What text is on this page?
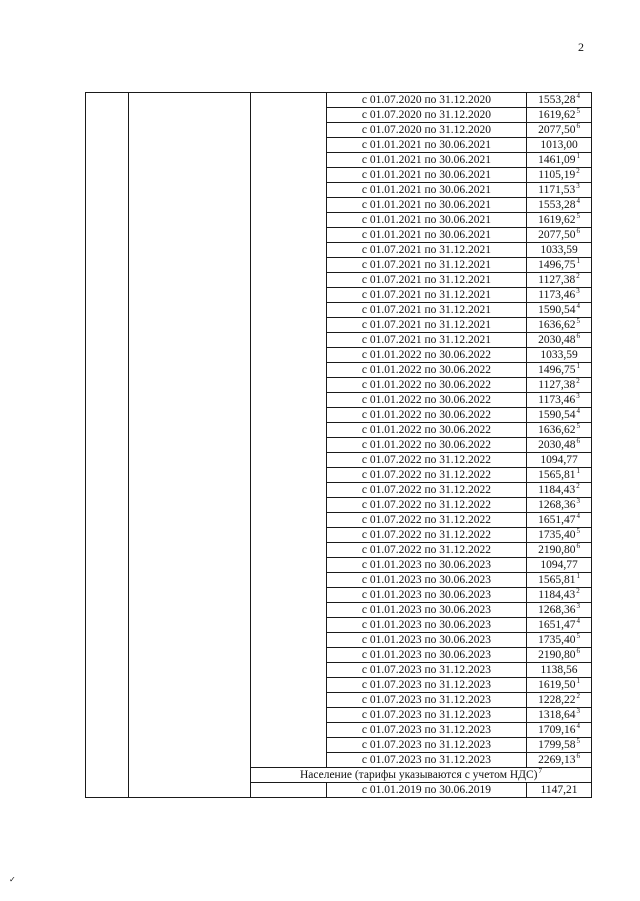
2
			с 01.07.2020 по 31.12.2020	1553,28$^4$
			с 01.07.2020 по 31.12.2020	1619,62$^5$
			с 01.07.2020 по 31.12.2020	2077,50$^6$
			с 01.01.2021 по 30.06.2021	1013,00
			с 01.01.2021 по 30.06.2021	1461,09$^1$
			с 01.01.2021 по 30.06.2021	1105,19$^2$
			с 01.01.2021 по 30.06.2021	1171,53$^3$
			с 01.01.2021 по 30.06.2021	1553,28$^4$
			с 01.01.2021 по 30.06.2021	1619,62$^5$
			с 01.01.2021 по 30.06.2021	2077,50$^6$
			с 01.07.2021 по 31.12.2021	1033,59
			с 01.07.2021 по 31.12.2021	1496,75$^1$
			с 01.07.2021 по 31.12.2021	1127,38$^2$
			с 01.07.2021 по 31.12.2021	1173,46$^3$
			с 01.07.2021 по 31.12.2021	1590,54$^4$
			с 01.07.2021 по 31.12.2021	1636,62$^5$
			с 01.07.2021 по 31.12.2021	2030,48$^6$
			с 01.01.2022 по 30.06.2022	1033,59
			с 01.01.2022 по 30.06.2022	1496,75$^1$
			с 01.01.2022 по 30.06.2022	1127,38$^2$
			с 01.01.2022 по 30.06.2022	1173,46$^3$
			с 01.01.2022 по 30.06.2022	1590,54$^4$
			с 01.01.2022 по 30.06.2022	1636,62$^5$
			с 01.01.2022 по 30.06.2022	2030,48$^6$
			с 01.07.2022 по 31.12.2022	1094,77
			с 01.07.2022 по 31.12.2022	1565,81$^1$
			с 01.07.2022 по 31.12.2022	1184,43$^2$
			с 01.07.2022 по 31.12.2022	1268,36$^3$
			с 01.07.2022 по 31.12.2022	1651,47$^4$
			с 01.07.2022 по 31.12.2022	1735,40$^5$
			с 01.07.2022 по 31.12.2022	2190,80$^6$
			с 01.01.2023 по 30.06.2023	1094,77
			с 01.01.2023 по 30.06.2023	1565,81$^1$
			с 01.01.2023 по 30.06.2023	1184,43$^2$
			с 01.01.2023 по 30.06.2023	1268,36$^3$
			с 01.01.2023 по 30.06.2023	1651,47$^4$
			с 01.01.2023 по 30.06.2023	1735,40$^5$
			с 01.01.2023 по 30.06.2023	2190,80$^6$
			с 01.07.2023 по 31.12.2023	1138,56
			с 01.07.2023 по 31.12.2023	1619,50$^1$
			с 01.07.2023 по 31.12.2023	1228,22$^2$
			с 01.07.2023 по 31.12.2023	1318,64$^3$
			с 01.07.2023 по 31.12.2023	1709,16$^4$
			с 01.07.2023 по 31.12.2023	1799,58$^5$
			с 01.07.2023 по 31.12.2023	2269,13$^6$
		Население (тарифы указываются с учетом НДС)$^7$
			с 01.01.2019 по 30.06.2019	1147,21
✓
